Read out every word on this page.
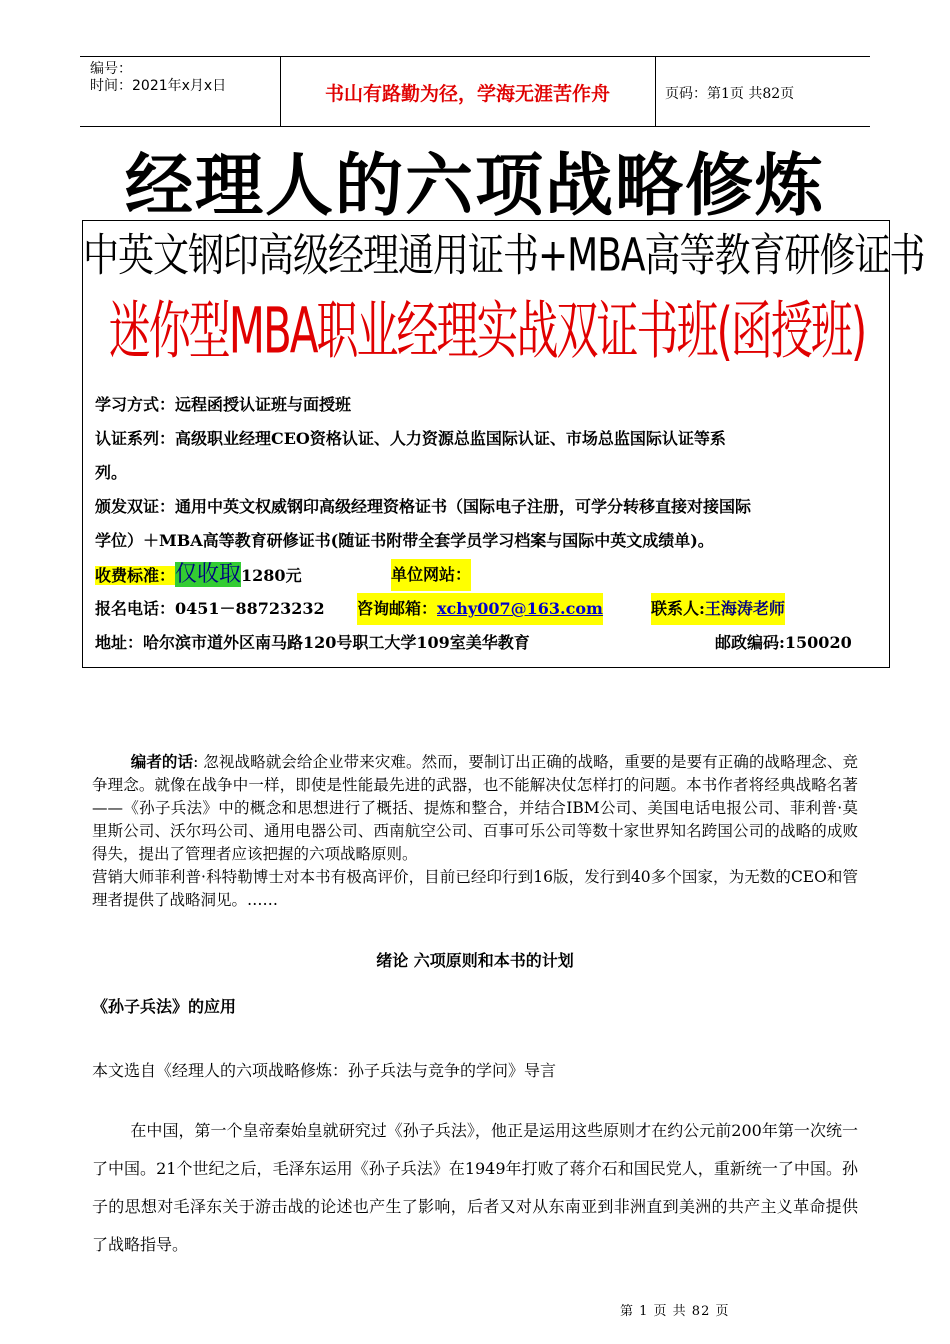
编号：
时间：2021年x月x日	书山有路勤为径，学海无涯苦作舟	页码：第1页 共82页
经理人的六项战略修炼
中英文钢印高级经理通用证书+MBA高等教育研修证书
迷你型MBA职业经理实战双证书班(函授班)
学习方式：远程函授认证班与面授班
认证系列：高级职业经理CEO资格认证、人力资源总监国际认证、市场总监国际认证等系
列。
颁发双证：通用中英文权威钢印高级经理资格证书（国际电子注册，可学分转移直接对接国际
学位）＋MBA高等教育研修证书(随证书附带全套学员学习档案与国际中英文成绩单)。
收费标准：仅收取1280元	单位网站：
报名电话：0451－88723232 咨询邮箱：xchy007@163.com	联系人:王海涛老师
地址：哈尔滨市道外区南马路120号职工大学109室美华教育	邮政编码:150020
编者的话: 忽视战略就会给企业带来灾难。然而，要制订出正确的战略，重要的是要有正确的战略理念、竞争理念。就像在战争中一样，即使是性能最先进的武器，也不能解决仗怎样打的问题。本书作者将经典战略名著——《孙子兵法》中的概念和思想进行了概括、提炼和整合，并结合IBM公司、美国电话电报公司、菲利普·莫里斯公司、沃尔玛公司、通用电器公司、西南航空公司、百事可乐公司等数十家世界知名跨国公司的战略的成败得失，提出了管理者应该把握的六项战略原则。
营销大师菲利普·科特勒博士对本书有极高评价，目前已经印行到16版，发行到40多个国家，为无数的CEO和管理者提供了战略洞见。……
绪论 六项原则和本书的计划
《孙子兵法》的应用
本文选自《经理人的六项战略修炼：孙子兵法与竞争的学问》导言
在中国，第一个皇帝秦始皇就研究过《孙子兵法》，他正是运用这些原则才在约公元前200年第一次统一了中国。21个世纪之后，毛泽东运用《孙子兵法》在1949年打败了蒋介石和国民党人，重新统一了中国。孙子的思想对毛泽东关于游击战的论述也产生了影响，后者又对从东南亚到非洲直到美洲的共产主义革命提供了战略指导。
第 1 页 共 82 页
